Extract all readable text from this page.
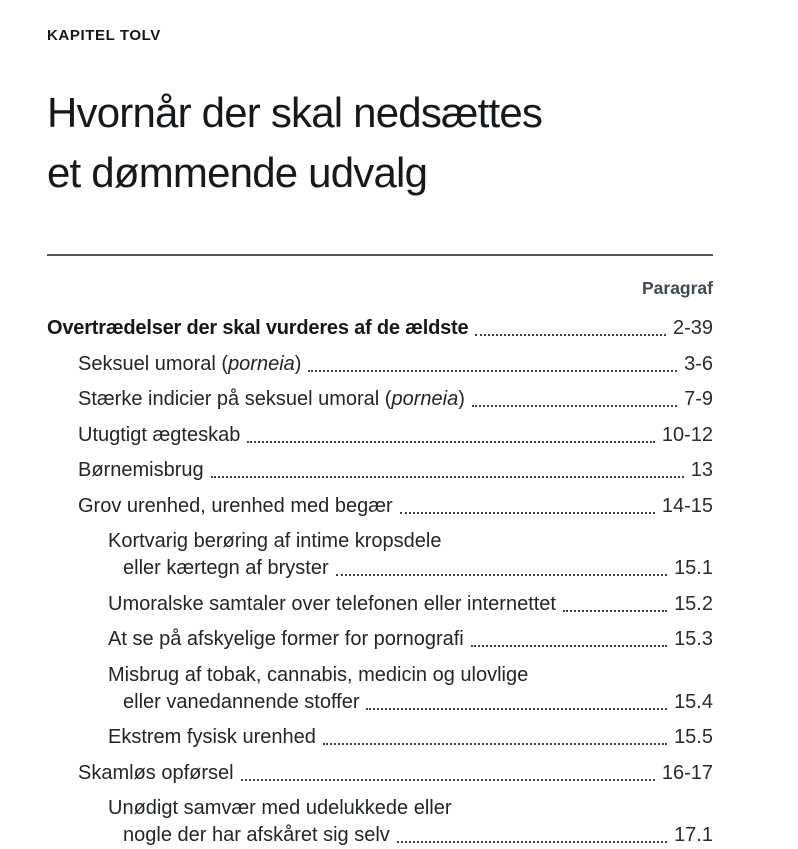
KAPITEL TOLV
Hvornår der skal nedsættes
et dømmende udvalg
Paragraf
Overtrædelser der skal vurderes af de ældste	2-39
Seksuel umoral (porneia)	3-6
Stærke indicier på seksuel umoral (porneia)	7-9
Utugtigt ægteskab	10-12
Børnemisbrug	13
Grov urenhed, urenhed med begær	14-15
Kortvarig berøring af intime kropsdele
eller kærtegn af bryster	15.1
Umoralske samtaler over telefonen eller internettet	15.2
At se på afskyelige former for pornografi	15.3
Misbrug af tobak, cannabis, medicin og ulovlige
eller vanedannende stoffer	15.4
Ekstrem fysisk urenhed	15.5
Skamløs opførsel	16-17
Unødigt samvær med udelukkede eller
nogle der har afskåret sig selv	17.1
